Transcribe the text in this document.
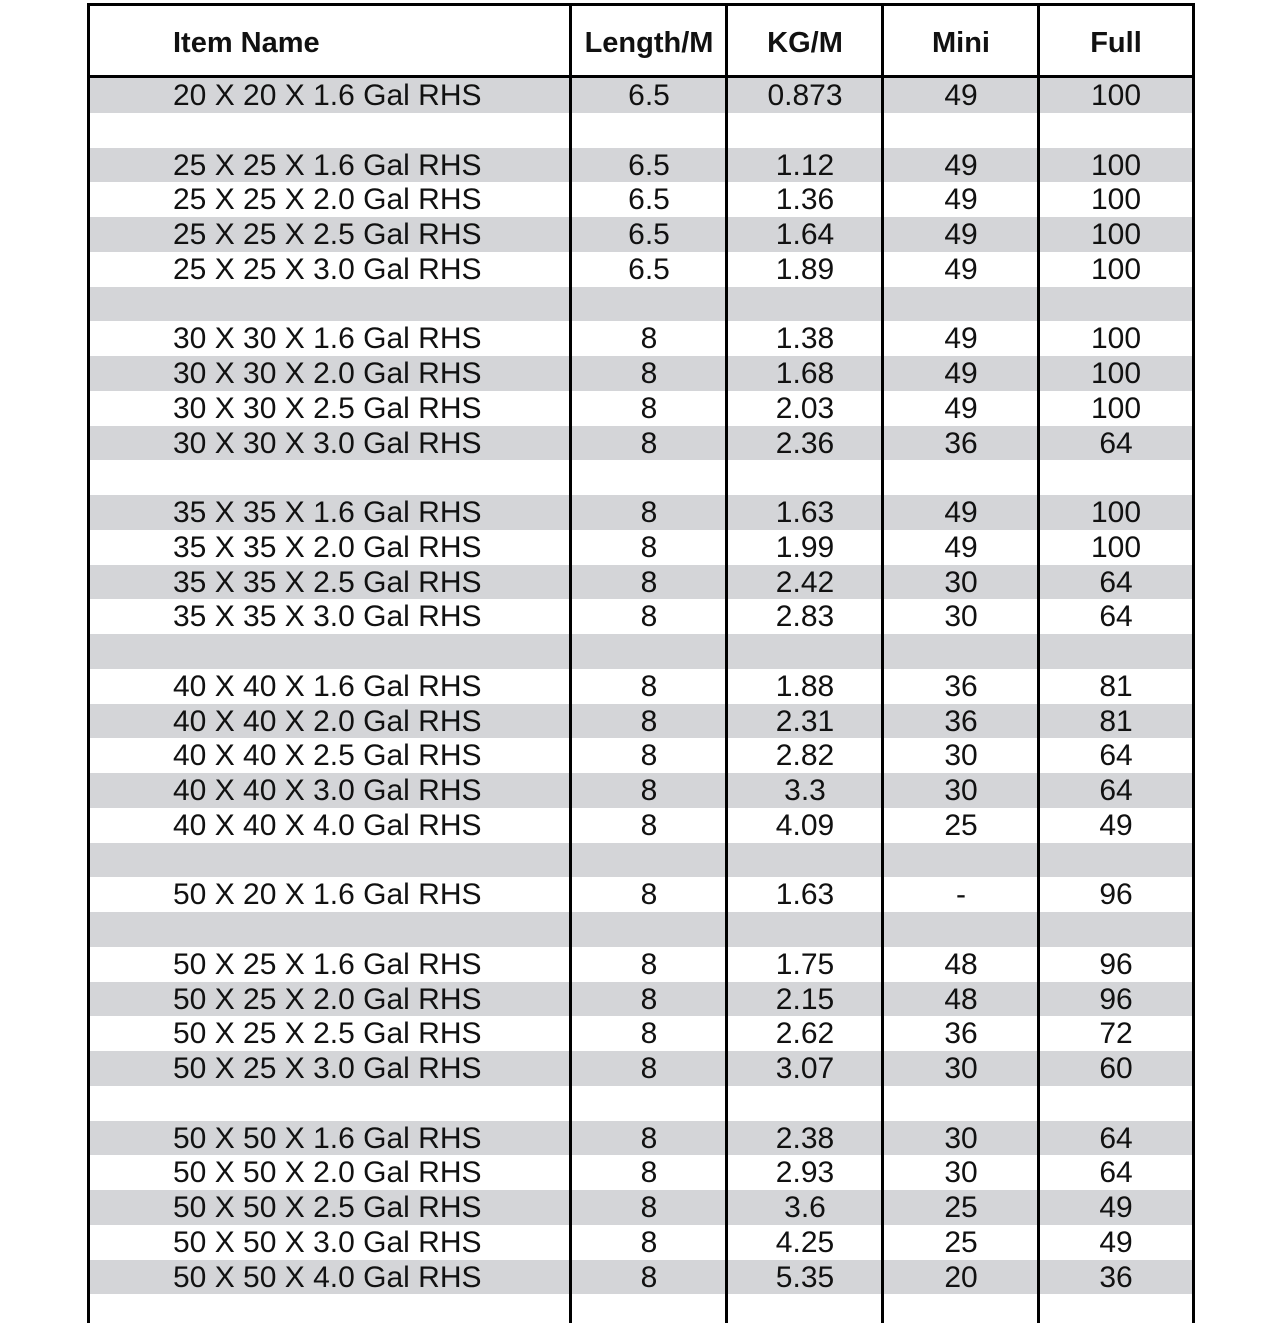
Item Name	Length/M	KG/M	Mini	Full
20 X 20 X 1.6 Gal RHS	6.5	0.873	49	100
25 X 25 X 1.6 Gal RHS	6.5	1.12	49	100
25 X 25 X 2.0 Gal RHS	6.5	1.36	49	100
25 X 25 X 2.5 Gal RHS	6.5	1.64	49	100
25 X 25 X 3.0 Gal RHS	6.5	1.89	49	100
30 X 30 X 1.6 Gal RHS	8	1.38	49	100
30 X 30 X 2.0 Gal RHS	8	1.68	49	100
30 X 30 X 2.5 Gal RHS	8	2.03	49	100
30 X 30 X 3.0 Gal RHS	8	2.36	36	64
35 X 35 X 1.6 Gal RHS	8	1.63	49	100
35 X 35 X 2.0 Gal RHS	8	1.99	49	100
35 X 35 X 2.5 Gal RHS	8	2.42	30	64
35 X 35 X 3.0 Gal RHS	8	2.83	30	64
40 X 40 X 1.6 Gal RHS	8	1.88	36	81
40 X 40 X 2.0 Gal RHS	8	2.31	36	81
40 X 40 X 2.5 Gal RHS	8	2.82	30	64
40 X 40 X 3.0 Gal RHS	8	3.3	30	64
40 X 40 X 4.0 Gal RHS	8	4.09	25	49
50 X 20 X 1.6 Gal RHS	8	1.63	-	96
50 X 25 X 1.6 Gal RHS	8	1.75	48	96
50 X 25 X 2.0 Gal RHS	8	2.15	48	96
50 X 25 X 2.5 Gal RHS	8	2.62	36	72
50 X 25 X 3.0 Gal RHS	8	3.07	30	60
50 X 50 X 1.6 Gal RHS	8	2.38	30	64
50 X 50 X 2.0 Gal RHS	8	2.93	30	64
50 X 50 X 2.5 Gal RHS	8	3.6	25	49
50 X 50 X 3.0 Gal RHS	8	4.25	25	49
50 X 50 X 4.0 Gal RHS	8	5.35	20	36
